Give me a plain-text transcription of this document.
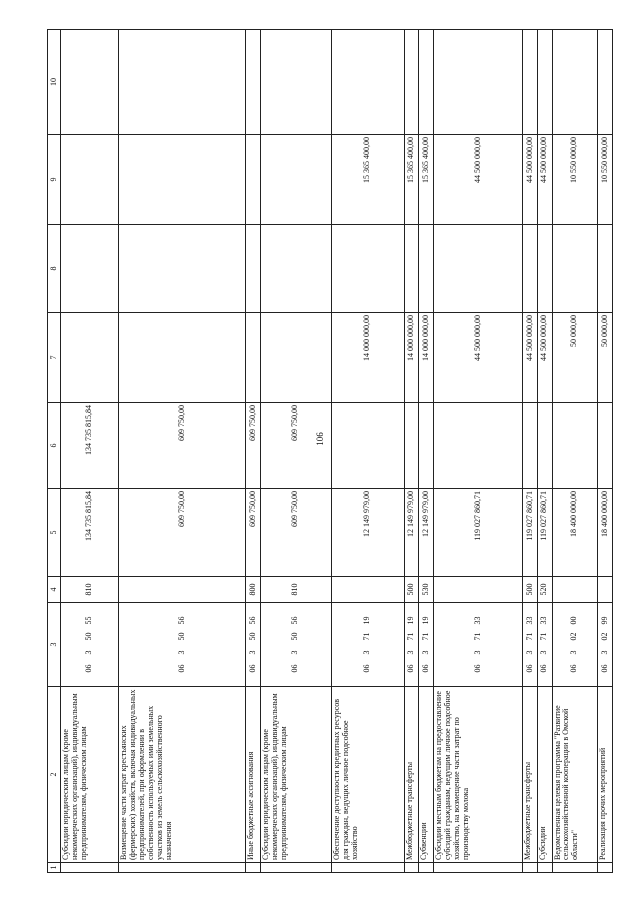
106
1	2	3	4	5	6	7	8	9	10
	Субсидии юридическим лицам (кроме некоммерческих организаций), индивидуальным предпринимателям, физическим лицам	0635055	810	134 735 815,84	134 735 815,84				
	Возмещение части затрат крестьянских (фермерских) хозяйств, включая индивидуальных предпринимателей, при оформлении в собственность используемых ими земельных участков из земель сельскохозяйственного назначения	0635056		609 750,00	609 750,00				
	Иные бюджетные ассигнования	0635056	800	609 750,00	609 750,00				
	Субсидии юридическим лицам (кроме некоммерческих организаций), индивидуальным предпринимателям, физическим лицам	0635056	810	609 750,00	609 750,00				
	Обеспечение доступности кредитных ресурсов для граждан, ведущих личное подсобное хозяйство	0637119		12 149 979,00		14 000 000,00		15 365 400,00	
	Межбюджетные трансферты	0637119	500	12 149 979,00		14 000 000,00		15 365 400,00	
	Субвенции	0637119	530	12 149 979,00		14 000 000,00		15 365 400,00	
	Субсидии местным бюджетам на предоставление субсидий гражданам, ведущим личное подсобное хозяйство, на возмещение части затрат по производству молока	0637133		119 027 860,71		44 500 000,00		44 500 000,00	
	Межбюджетные трансферты	0637133	500	119 027 860,71		44 500 000,00		44 500 000,00	
	Субсидии	0637133	520	119 027 860,71		44 500 000,00		44 500 000,00	
	Ведомственная целевая программа "Развитие сельскохозяйственной кооперации в Омской области"	0630200		18 400 000,00		50 000,00		10 550 000,00	
	Реализация прочих мероприятий	0630299		18 400 000,00		50 000,00		10 550 000,00	
